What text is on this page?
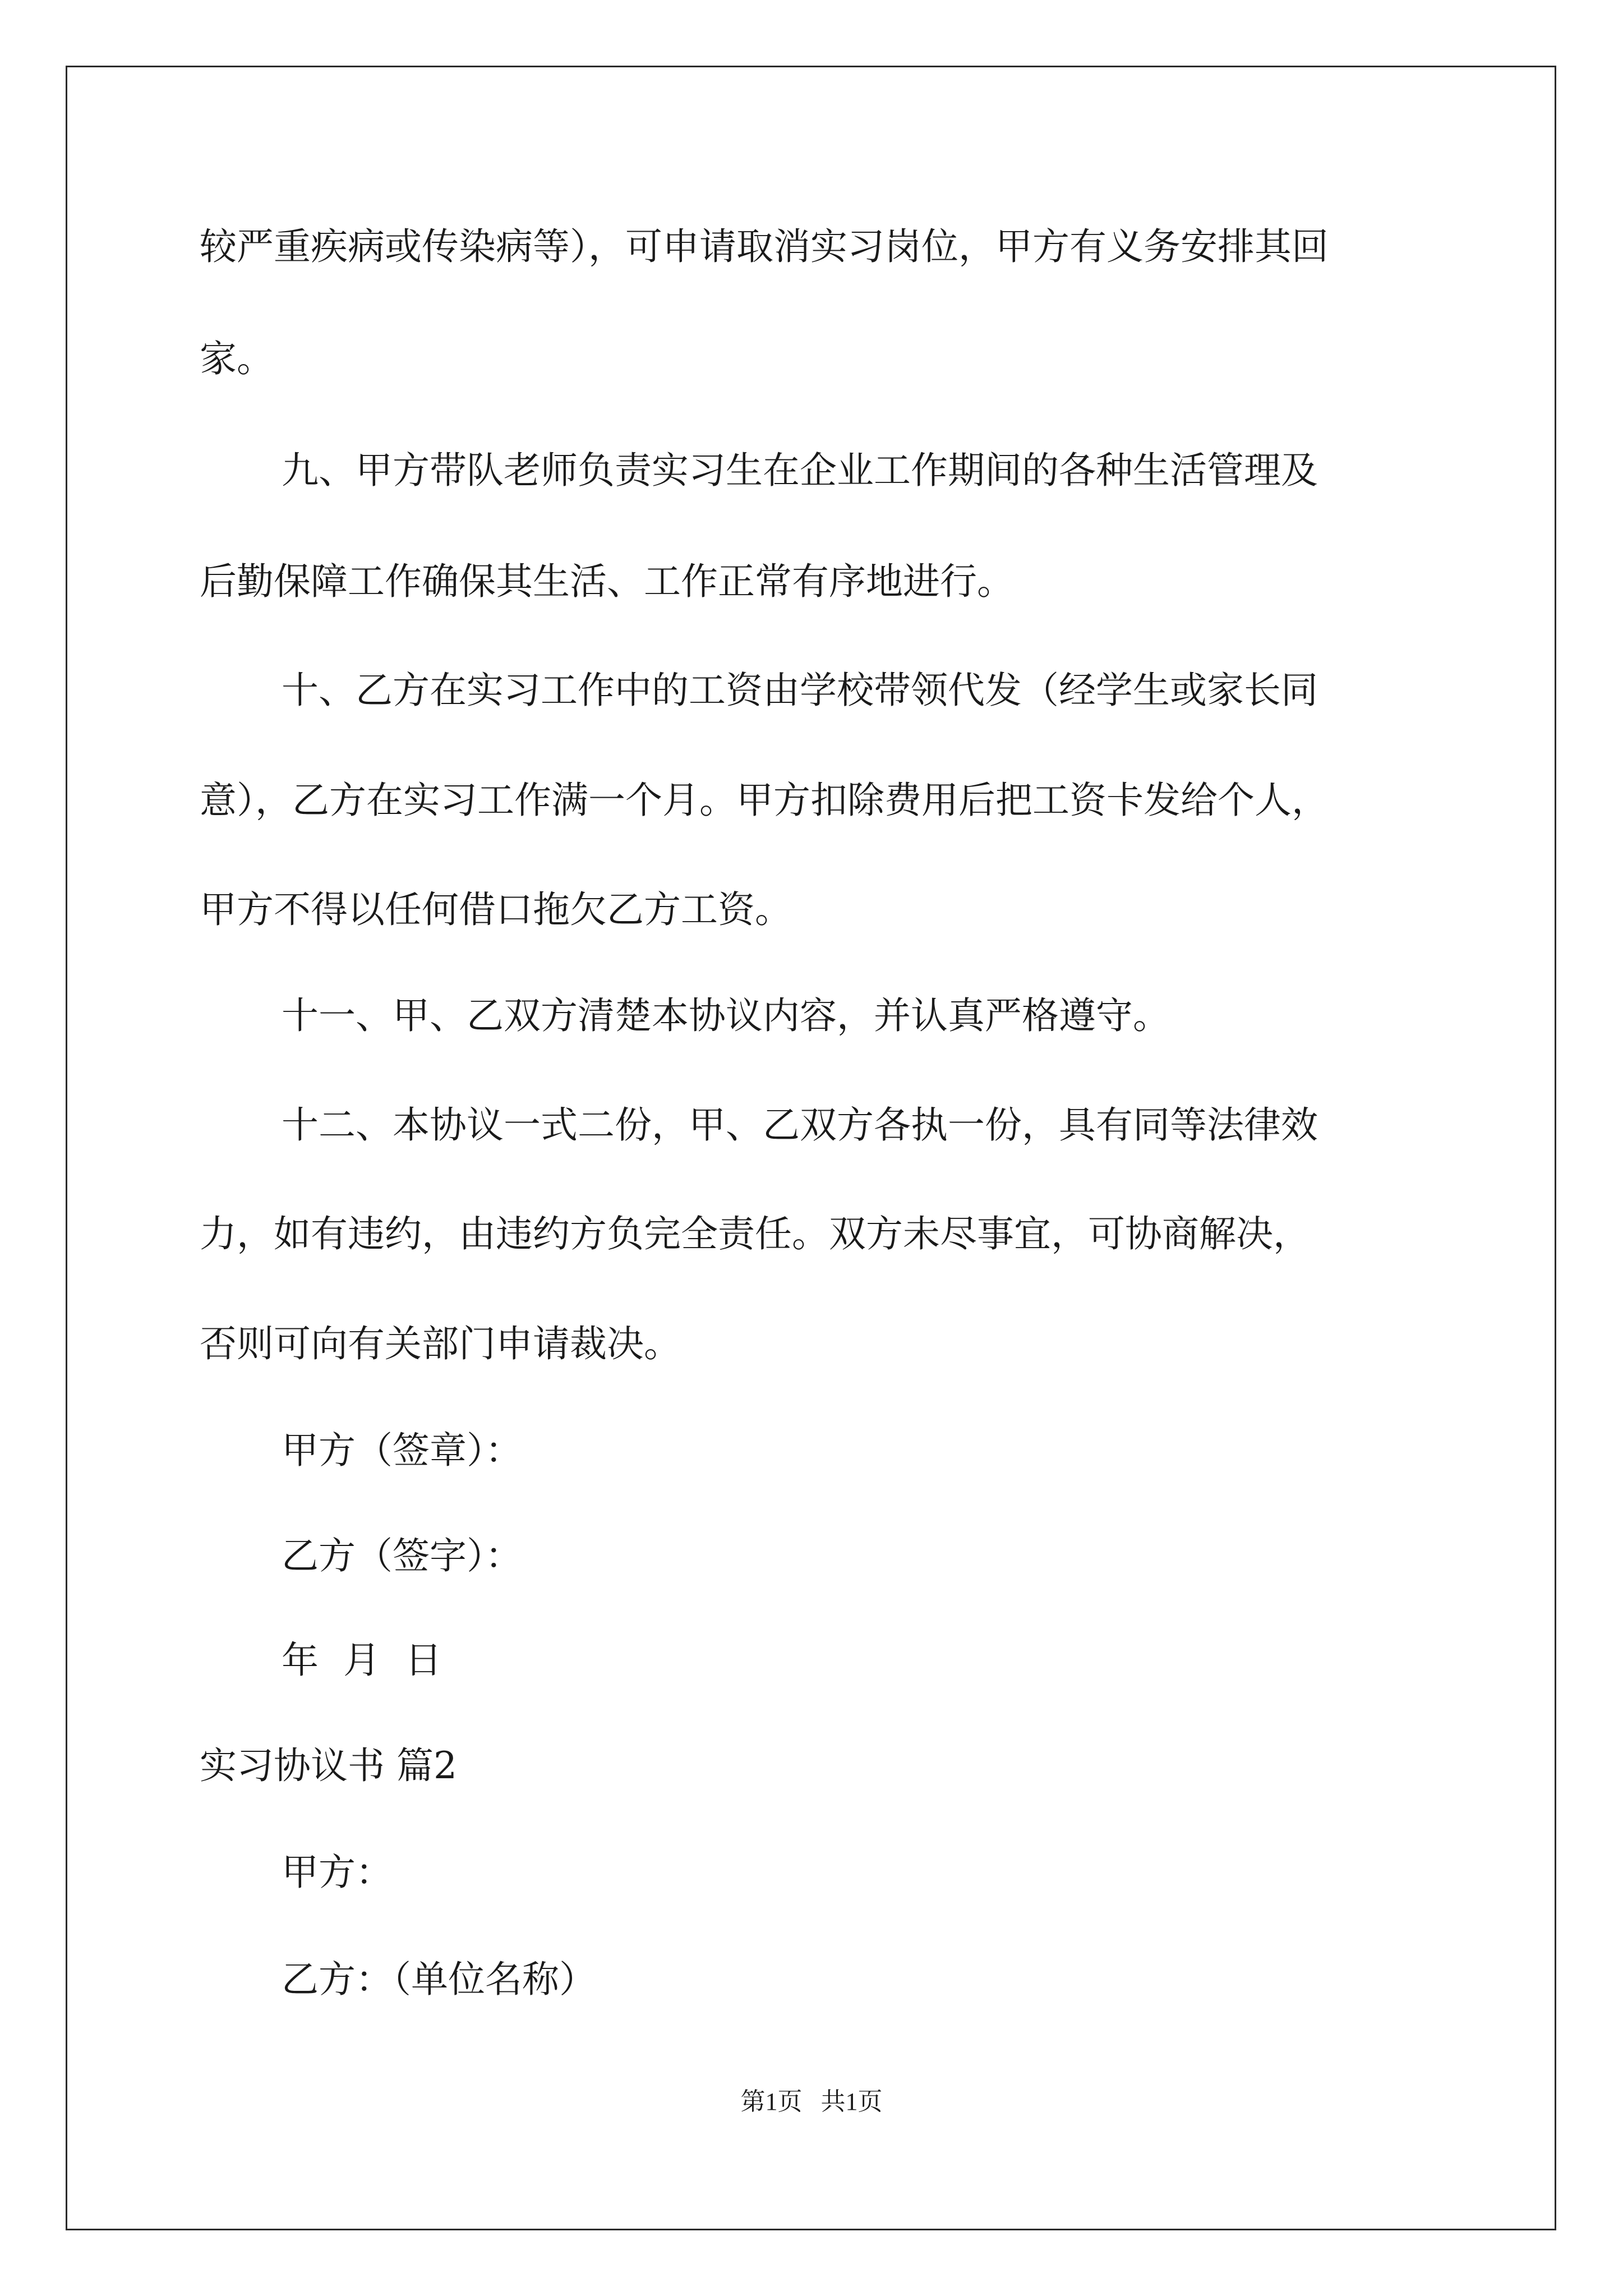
较严重疾病或传染病等），可申请取消实习岗位，甲方有义务安排其回
家。
九、甲方带队老师负责实习生在企业工作期间的各种生活管理及
后勤保障工作确保其生活、工作正常有序地进行。
十、乙方在实习工作中的工资由学校带领代发（经学生或家长同
意），乙方在实习工作满一个月。甲方扣除费用后把工资卡发给个人，
甲方不得以任何借口拖欠乙方工资。
十一、甲、乙双方清楚本协议内容，并认真严格遵守。
十二、本协议一式二份，甲、乙双方各执一份，具有同等法律效
力，如有违约，由违约方负完全责任。双方未尽事宜，可协商解决，
否则可向有关部门申请裁决。
甲方（签章）：
乙方（签字）：
年 月 日
实习协议书 篇2
甲方：
乙方：（单位名称）
第1页   共1页
